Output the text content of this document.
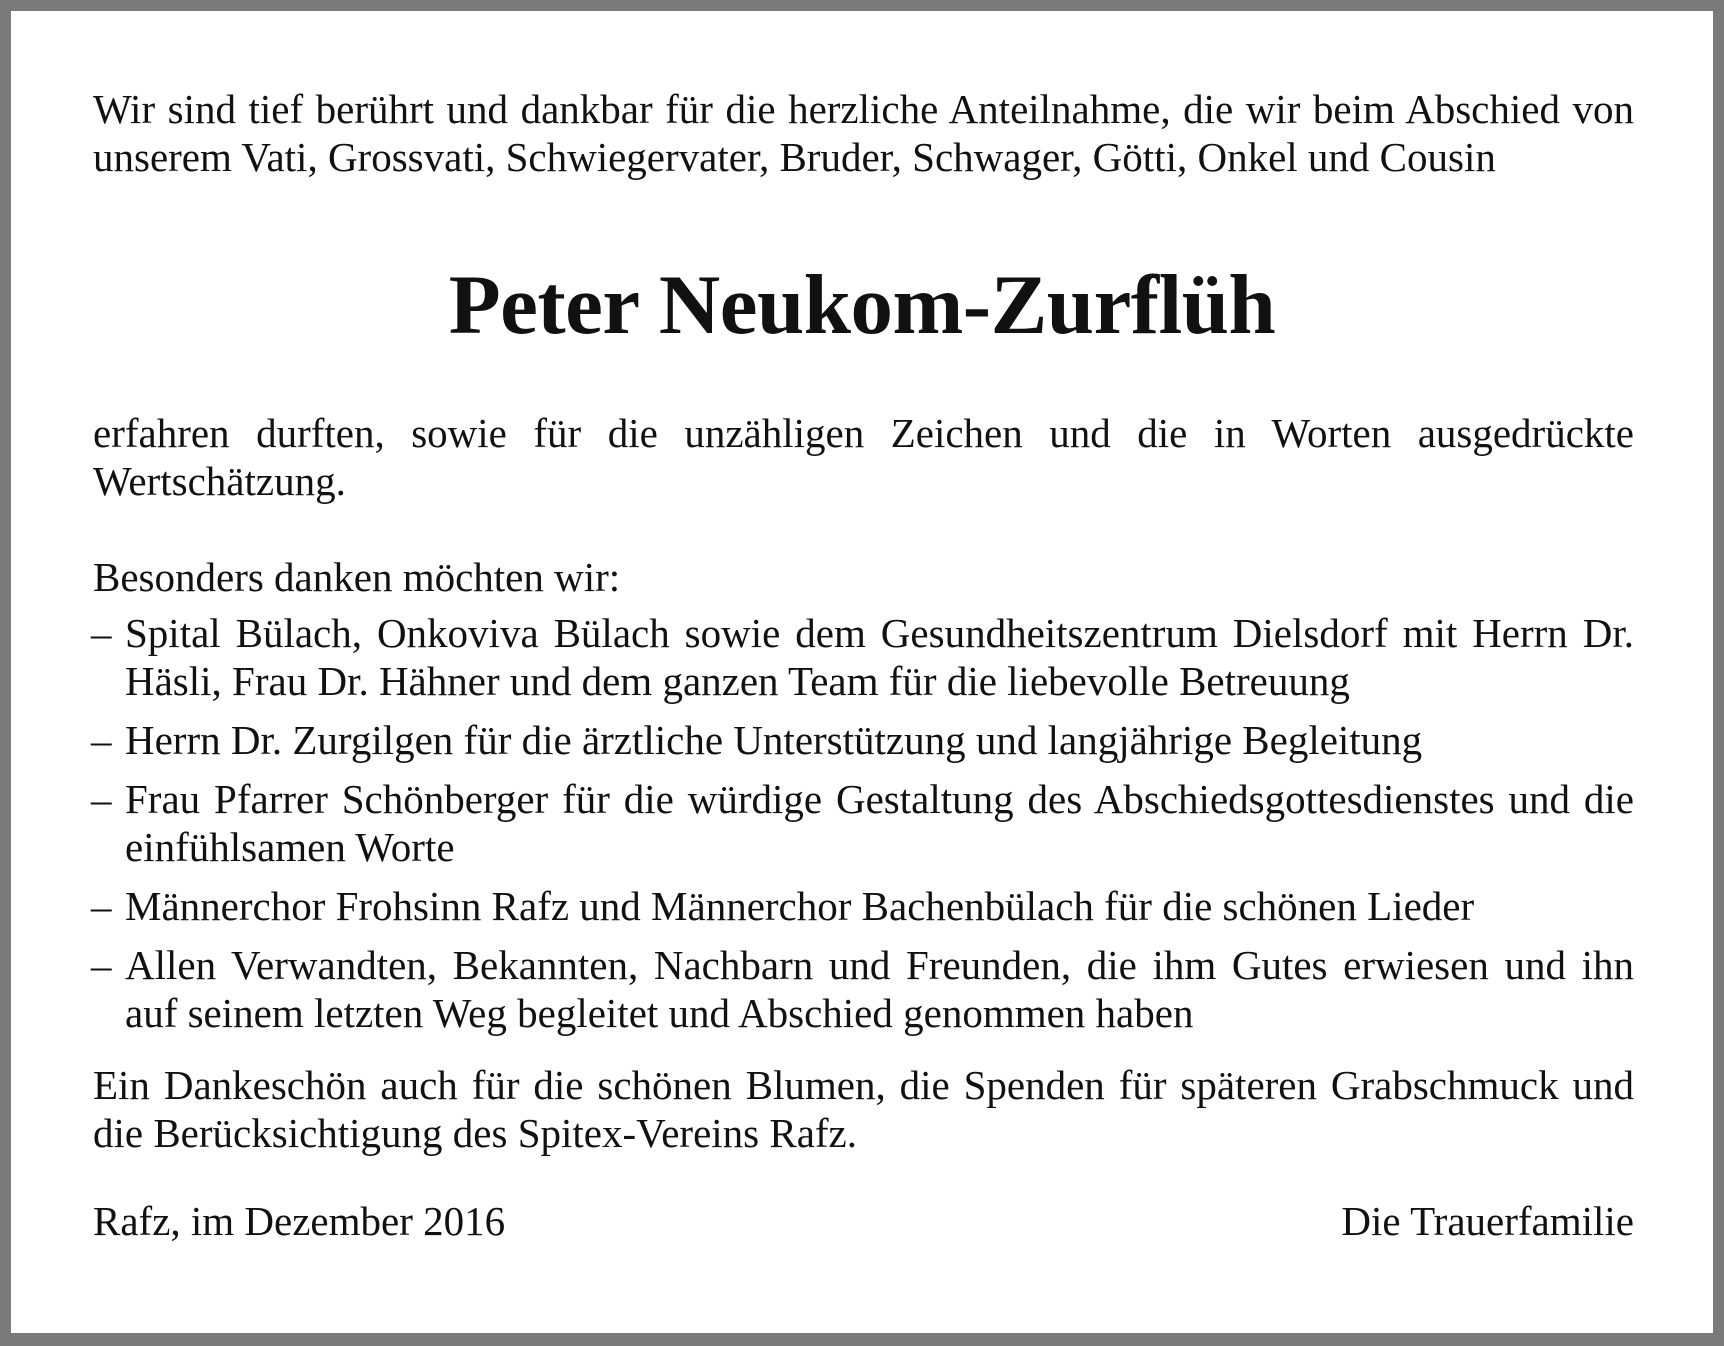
Wir sind tief berührt und dankbar für die herzliche Anteilnahme, die wir beim Abschied von unserem Vati, Grossvati, Schwiegervater, Bruder, Schwager, Götti, Onkel und Cousin

Peter Neukom-Zurflüh

erfahren durften, sowie für die unzähligen Zeichen und die in Worten ausgedrückte Wertschätzung.

Besonders danken möchten wir:

– Spital Bülach, Onkoviva Bülach sowie dem Gesundheitszentrum Dielsdorf mit Herrn Dr. Häsli, Frau Dr. Hähner und dem ganzen Team für die liebevolle Betreuung
– Herrn Dr. Zurgilgen für die ärztliche Unterstützung und langjährige Begleitung
– Frau Pfarrer Schönberger für die würdige Gestaltung des Abschiedsgottesdienstes und die einfühlsamen Worte
– Männerchor Frohsinn Rafz und Männerchor Bachenbülach für die schönen Lieder
– Allen Verwandten, Bekannten, Nachbarn und Freunden, die ihm Gutes erwiesen und ihn auf seinem letzten Weg begleitet und Abschied genommen haben

Ein Dankeschön auch für die schönen Blumen, die Spenden für späteren Grabschmuck und die Berücksichtigung des Spitex-Vereins Rafz.

Rafz, im Dezember 2016	Die Trauerfamilie
